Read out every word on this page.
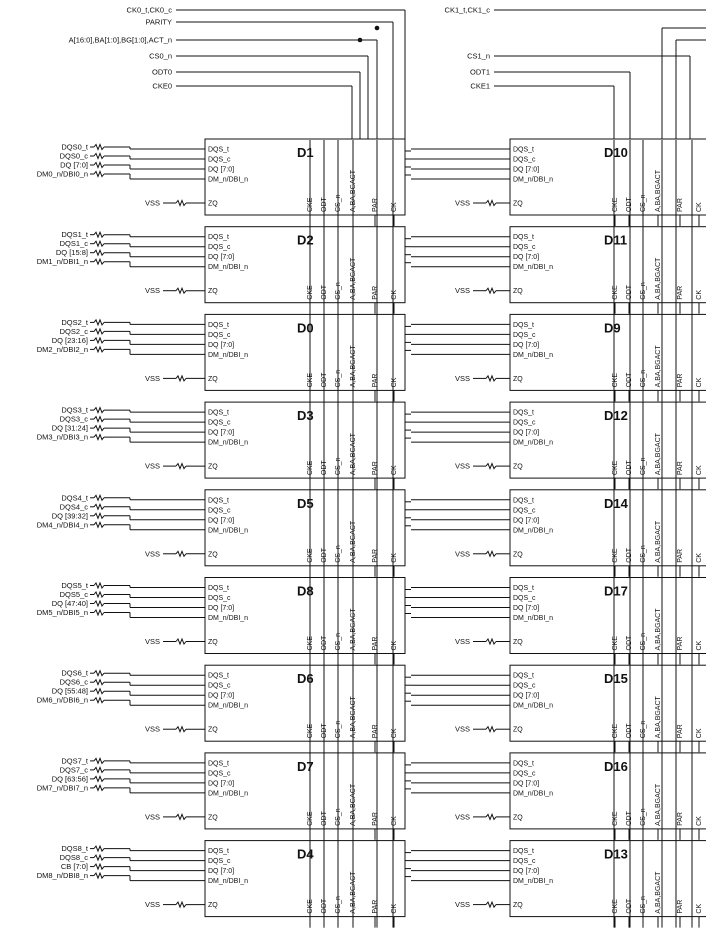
CK0_t,CK0_c
PARITY
A[16:0],BA[1:0],BG[1:0],ACT_n
CS0_n
ODT0
CKE0
CK1_t,CK1_c
CS1_n
ODT1
CKE1
D1
DQS_t
DQS_c
DQ [7:0]
DM_n/DBI_n
ZQ	CKE ODT CS_n A,BA,BGACT PAR CK
D10
DQS_t
DQS_c
DQ [7:0]
DM_n/DBI_n
ZQ	CKE ODT CS_n A,BA,BGACT PAR CK
DQS0_t
DQS0_c
DQ [7:0]
DM0_n/DBI0_n
VSS	VSS
D2
DQS_t
DQS_c
DQ [7:0]
DM_n/DBI_n
ZQ	CKE ODT CS_n A,BA,BGACT PAR CK
D11
DQS_t
DQS_c
DQ [7:0]
DM_n/DBI_n
ZQ	CKE ODT CS_n A,BA,BGACT PAR CK
DQS1_t
DQS1_c
DQ [15:8]
DM1_n/DBI1_n
VSS	VSS
D0
DQS_t
DQS_c
DQ [7:0]
DM_n/DBI_n
ZQ	CKE ODT CS_n A,BA,BGACT PAR CK
D9
DQS_t
DQS_c
DQ [7:0]
DM_n/DBI_n
ZQ	CKE ODT CS_n A,BA,BGACT PAR CK
DQS2_t
DQS2_c
DQ [23:16]
DM2_n/DBI2_n
VSS	VSS
D3
DQS_t
DQS_c
DQ [7:0]
DM_n/DBI_n
ZQ	CKE ODT CS_n A,BA,BGACT PAR CK
D12
DQS_t
DQS_c
DQ [7:0]
DM_n/DBI_n
ZQ	CKE ODT CS_n A,BA,BGACT PAR CK
DQS3_t
DQS3_c
DQ [31:24]
DM3_n/DBI3_n
VSS	VSS
D5
DQS_t
DQS_c
DQ [7:0]
DM_n/DBI_n
ZQ	CKE ODT CS_n A,BA,BGACT PAR CK
D14
DQS_t
DQS_c
DQ [7:0]
DM_n/DBI_n
ZQ	CKE ODT CS_n A,BA,BGACT PAR CK
DQS4_t
DQS4_c
DQ [39:32]
DM4_n/DBI4_n
VSS	VSS
D8
DQS_t
DQS_c
DQ [7:0]
DM_n/DBI_n
ZQ	CKE ODT CS_n A,BA,BGACT PAR CK
D17
DQS_t
DQS_c
DQ [7:0]
DM_n/DBI_n
ZQ	CKE ODT CS_n A,BA,BGACT PAR CK
DQS5_t
DQS5_c
DQ [47:40]
DM5_n/DBI5_n
VSS	VSS
D6
DQS_t
DQS_c
DQ [7:0]
DM_n/DBI_n
ZQ	CKE ODT CS_n A,BA,BGACT PAR CK
D15
DQS_t
DQS_c
DQ [7:0]
DM_n/DBI_n
ZQ	CKE ODT CS_n A,BA,BGACT PAR CK
DQS6_t
DQS6_c
DQ [55:48]
DM6_n/DBI6_n
VSS	VSS
D7
DQS_t
DQS_c
DQ [7:0]
DM_n/DBI_n
ZQ	CKE ODT CS_n A,BA,BGACT PAR CK
D16
DQS_t
DQS_c
DQ [7:0]
DM_n/DBI_n
ZQ	CKE ODT CS_n A,BA,BGACT PAR CK
DQS7_t
DQS7_c
DQ [63:56]
DM7_n/DBI7_n
VSS	VSS
D4
DQS_t
DQS_c
DQ [7:0]
DM_n/DBI_n
ZQ	CKE ODT CS_n A,BA,BGACT PAR CK
D13
DQS_t
DQS_c
DQ [7:0]
DM_n/DBI_n
ZQ	CKE ODT CS_n A,BA,BGACT PAR CK
DQS8_t
DQS8_c
CB [7:0]
DM8_n/DBI8_n
VSS	VSS
